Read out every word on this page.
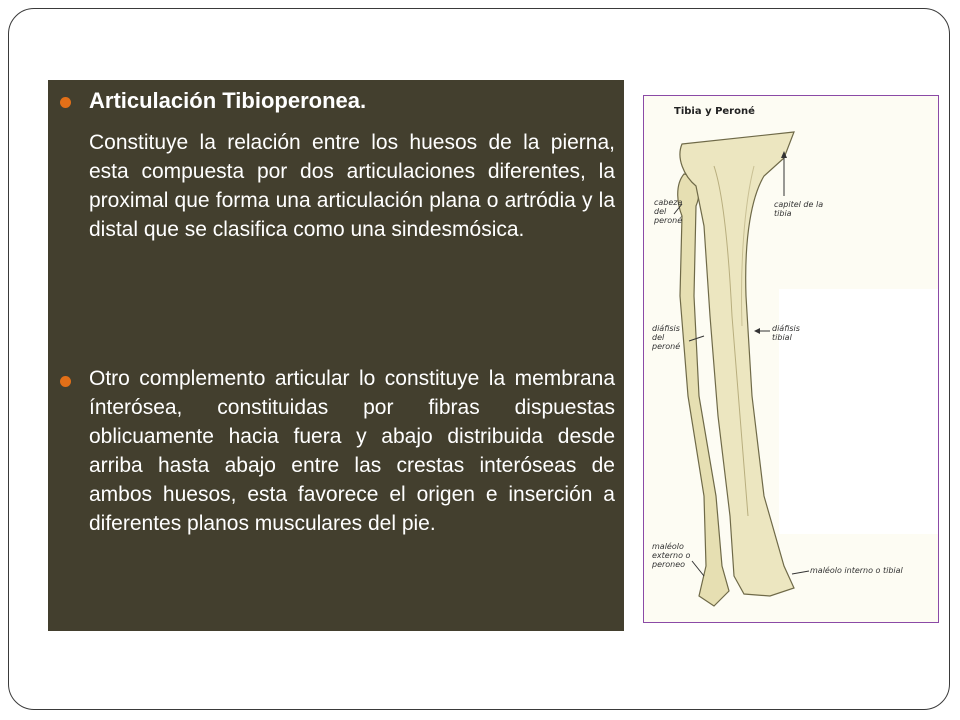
Articulación Tibioperonea.
Constituye la relación entre los huesos de la pierna, esta compuesta por dos articulaciones diferentes, la proximal que forma una articulación plana o artródia y la distal que se clasifica como una sindesmósica.
Otro complemento articular lo constituye la membrana ínterósea, constituidas por fibras dispuestas oblicuamente hacia fuera y abajo distribuida desde arriba hasta abajo entre las crestas interóseas de ambos huesos, esta favorece el origen e inserción a diferentes planos musculares del pie.
Tibia y Peroné
cabeza del peroné
capitel de la tibia
diáfisis del peroné
diáfisis tibial
maléolo externo o peroneo
maléolo interno o tibial
